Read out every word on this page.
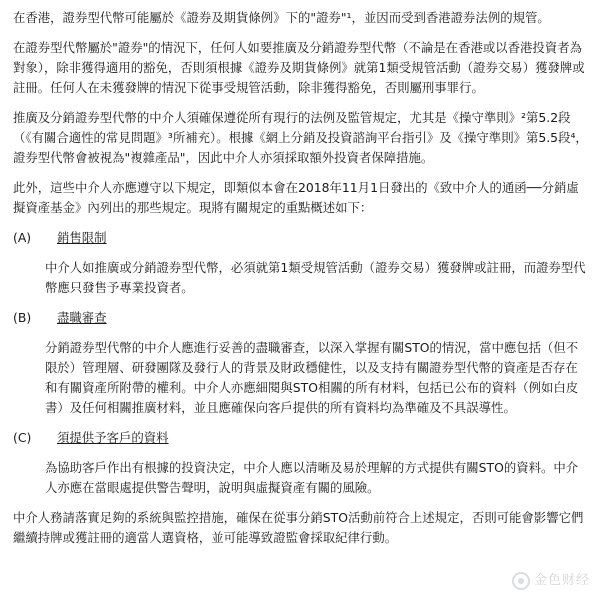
在香港，證券型代幣可能屬於《證券及期貨條例》下的"證券"¹，並因而受到香港證券法例的規管。

在證券型代幣屬於"證券"的情況下，任何人如要推廣及分銷證券型代幣（不論是在香港或以香港投資者為對象），除非獲得適用的豁免，否則須根據《證券及期貨條例》就第1類受規管活動（證券交易）獲發牌或註冊。任何人在未獲發牌的情況下從事受規管活動，除非獲得豁免，否則屬刑事罪行。

推廣及分銷證券型代幣的中介人須確保遵從所有現行的法例及監管規定，尤其是《操守準則》²第5.2段（《有關合適性的常見問題》³所補充）。根據《網上分銷及投資諮詢平台指引》及《操守準則》第5.5段⁴，證券型代幣會被視為"複雜產品"，因此中介人亦須採取額外投資者保障措施。

此外，這些中介人亦應遵守以下規定，即類似本會在2018年11月1日發出的《致中介人的通函──分銷虛擬資產基金》內列出的那些規定。現將有關規定的重點概述如下：

(A)	銷售限制

中介人如推廣或分銷證券型代幣，必須就第1類受規管活動（證券交易）獲發牌或註冊，而證券型代幣應只發售予專業投資者。

(B)	盡職審查

分銷證券型代幣的中介人應進行妥善的盡職審查，以深入掌握有關STO的情況，當中應包括（但不限於）管理層、研發團隊及發行人的背景及財政穩健性，以及支持有關證券型代幣的資產是否存在和有關資產所附帶的權利。中介人亦應細閱與STO相關的所有材料，包括已公布的資料（例如白皮書）及任何相關推廣材料，並且應確保向客戶提供的所有資料均為準確及不具誤導性。

(C)	須提供予客戶的資料

為協助客戶作出有根據的投資決定，中介人應以清晰及易於理解的方式提供有關STO的資料。中介人亦應在當眼處提供警告聲明，說明與虛擬資產有關的風險。

中介人務請落實足夠的系統與監控措施，確保在從事分銷STO活動前符合上述規定，否則可能會影響它們繼續持牌或獲註冊的適當人選資格，並可能導致證監會採取紀律行動。

金色财经
